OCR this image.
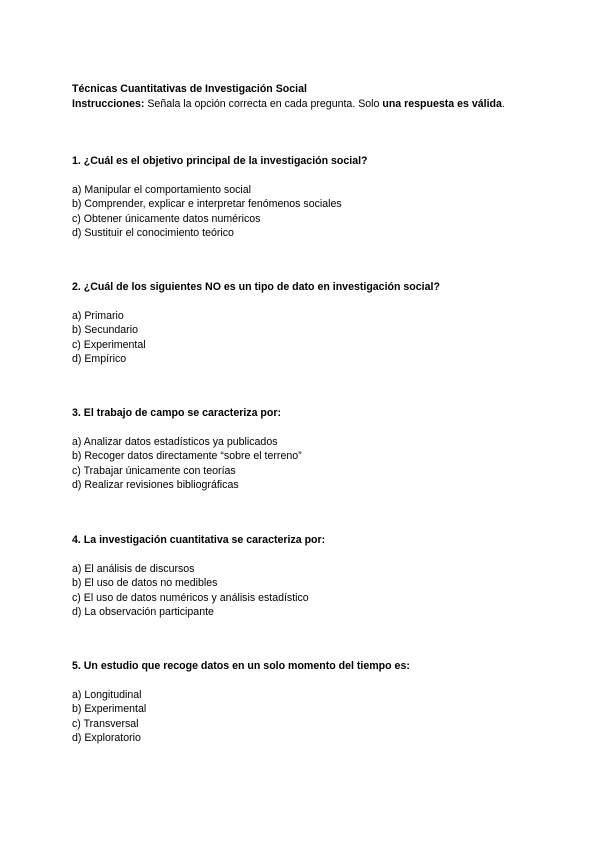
Técnicas Cuantitativas de Investigación Social

Instrucciones: Señala la opción correcta en cada pregunta. Solo una respuesta es válida.

1. ¿Cuál es el objetivo principal de la investigación social?

a) Manipular el comportamiento social
b) Comprender, explicar e interpretar fenómenos sociales
c) Obtener únicamente datos numéricos
d) Sustituir el conocimiento teórico

2. ¿Cuál de los siguientes NO es un tipo de dato en investigación social?

a) Primario
b) Secundario
c) Experimental
d) Empírico

3. El trabajo de campo se caracteriza por:

a) Analizar datos estadísticos ya publicados
b) Recoger datos directamente “sobre el terreno”
c) Trabajar únicamente con teorías
d) Realizar revisiones bibliográficas

4. La investigación cuantitativa se caracteriza por:

a) El análisis de discursos
b) El uso de datos no medibles
c) El uso de datos numéricos y análisis estadístico
d) La observación participante

5. Un estudio que recoge datos en un solo momento del tiempo es:

a) Longitudinal
b) Experimental
c) Transversal
d) Exploratorio
